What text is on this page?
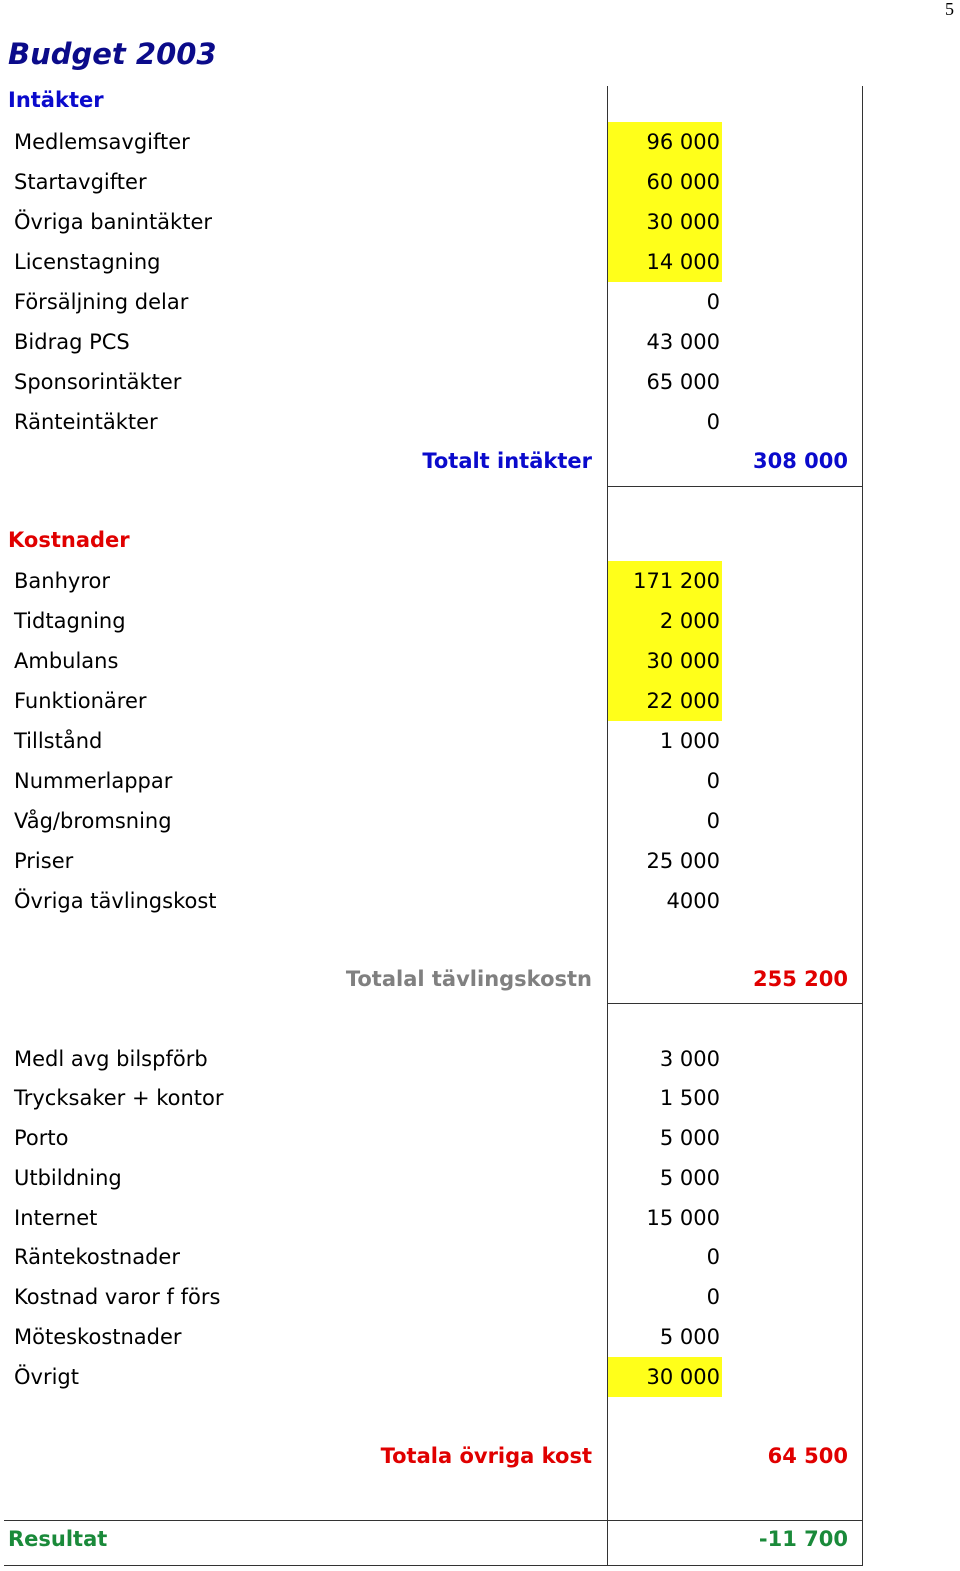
5
Budget 2003
Intäkter
Medlemsavgifter	96 000
Startavgifter	60 000
Övriga banintäkter	30 000
Licenstagning	14 000
Försäljning delar	0
Bidrag PCS	43 000
Sponsorintäkter	65 000
Ränteintäkter	0
Totalt intäkter	308 000
Kostnader
Banhyror	171 200
Tidtagning	2 000
Ambulans	30 000
Funktionärer	22 000
Tillstånd	1 000
Nummerlappar	0
Våg/bromsning	0
Priser	25 000
Övriga tävlingskost	4000
Totalal tävlingskostn	255 200
Medl avg bilspförb	3 000
Trycksaker + kontor	1 500
Porto	5 000
Utbildning	5 000
Internet	15 000
Räntekostnader	0
Kostnad varor f förs	0
Möteskostnader	5 000
Övrigt	30 000
Totala övriga kost	64 500
Resultat	-11 700
